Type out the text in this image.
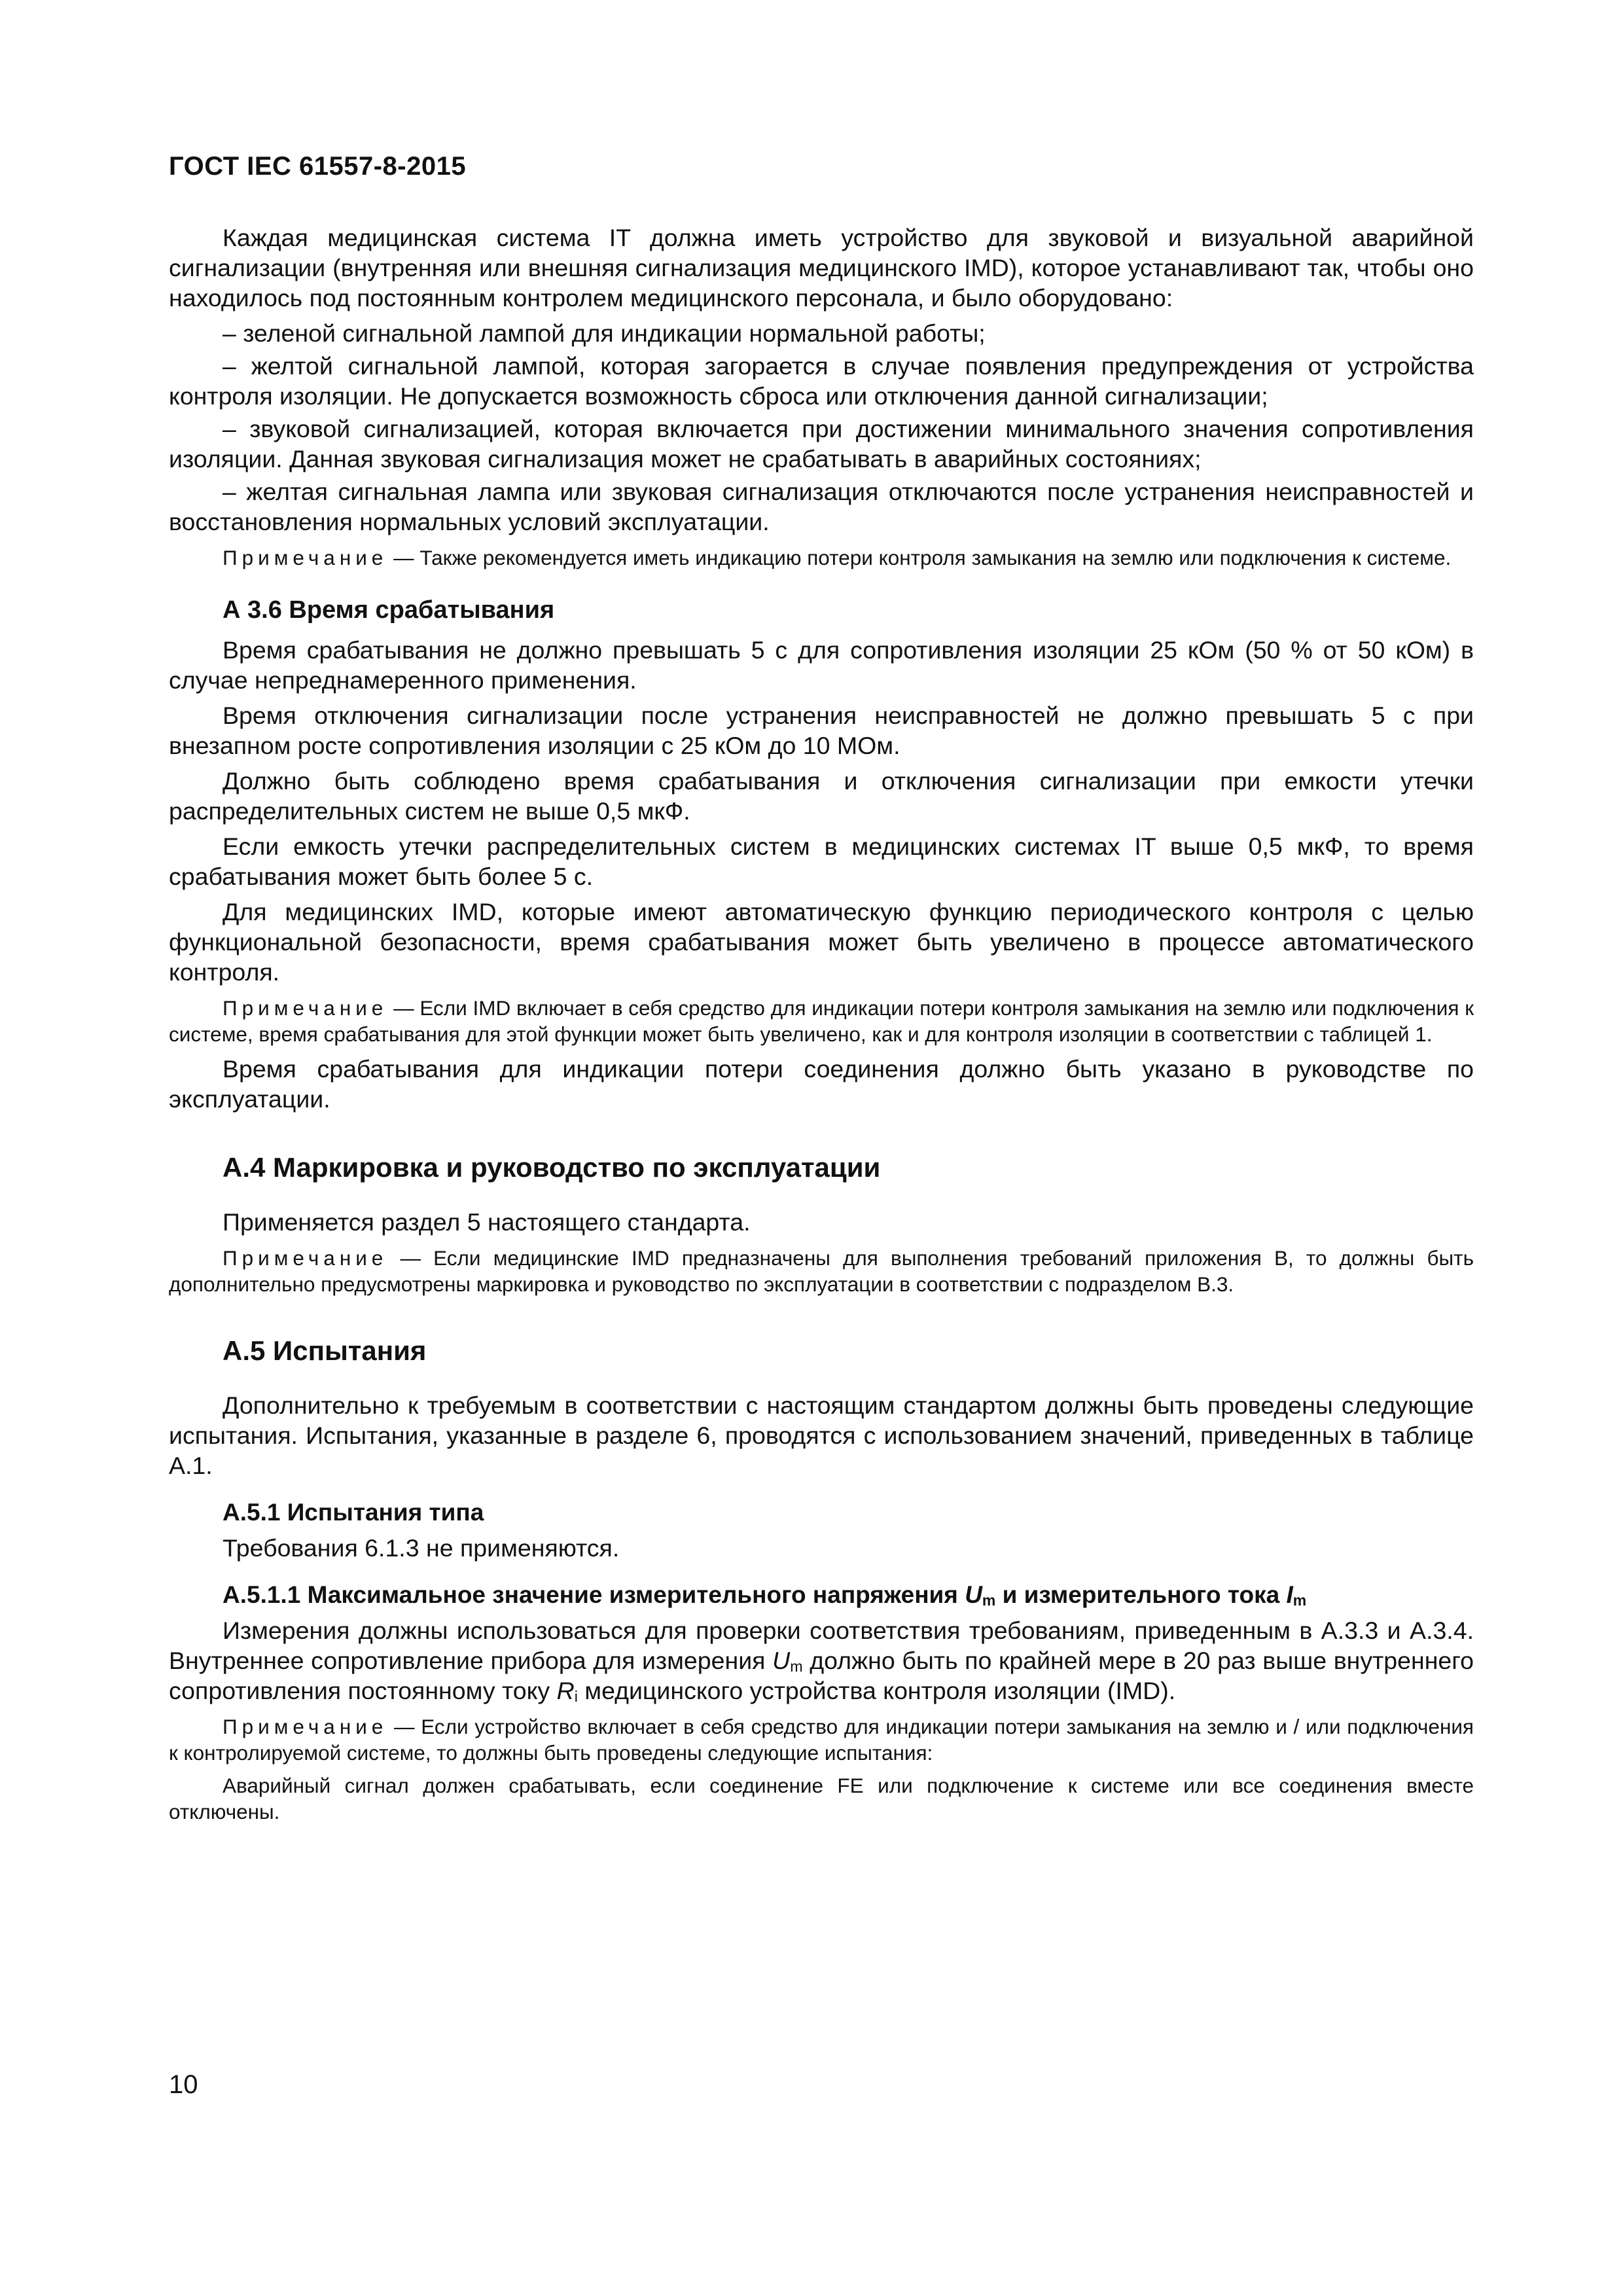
ГОСТ IEC 61557-8-2015

Каждая медицинская система IT должна иметь устройство для звуковой и визуальной аварийной сигнализации (внутренняя или внешняя сигнализация медицинского IMD), которое устанавливают так, чтобы оно находилось под постоянным контролем медицинского персонала, и было оборудовано:

– зеленой сигнальной лампой для индикации нормальной работы;

– желтой сигнальной лампой, которая загорается в случае появления предупреждения от устройства контроля изоляции. Не допускается возможность сброса или отключения данной сигнализации;

– звуковой сигнализацией, которая включается при достижении минимального значения сопротивления изоляции. Данная звуковая сигнализация может не срабатывать в аварийных состояниях;

– желтая сигнальная лампа или звуковая сигнализация отключаются после устранения неисправностей и восстановления нормальных условий эксплуатации.

Примечание — Также рекомендуется иметь индикацию потери контроля замыкания на землю или подключения к системе.

А 3.6 Время срабатывания

Время срабатывания не должно превышать 5 с для сопротивления изоляции 25 кОм (50 % от 50 кОм) в случае непреднамеренного применения.

Время отключения сигнализации после устранения неисправностей не должно превышать 5 с при внезапном росте сопротивления изоляции с 25 кОм до 10 МОм.

Должно быть соблюдено время срабатывания и отключения сигнализации при емкости утечки распределительных систем не выше 0,5 мкФ.

Если емкость утечки распределительных систем в медицинских системах IT выше 0,5 мкФ, то время срабатывания может быть более 5 с.

Для медицинских IMD, которые имеют автоматическую функцию периодического контроля с целью функциональной безопасности, время срабатывания может быть увеличено в процессе автоматического контроля.

Примечание — Если IMD включает в себя средство для индикации потери контроля замыкания на землю или подключения к системе, время срабатывания для этой функции может быть увеличено, как и для контроля изоляции в соответствии с таблицей 1.

Время срабатывания для индикации потери соединения должно быть указано в руководстве по эксплуатации.

А.4 Маркировка и руководство по эксплуатации

Применяется раздел 5 настоящего стандарта.

Примечание — Если медицинские IMD предназначены для выполнения требований приложения В, то должны быть дополнительно предусмотрены маркировка и руководство по эксплуатации в соответствии с подразделом В.3.

А.5 Испытания

Дополнительно к требуемым в соответствии с настоящим стандартом должны быть проведены следующие испытания. Испытания, указанные в разделе 6, проводятся с использованием значений, приведенных в таблице А.1.

А.5.1 Испытания типа

Требования 6.1.3 не применяются.

А.5.1.1 Максимальное значение измерительного напряжения Um и измерительного тока Im

Измерения должны использоваться для проверки соответствия требованиям, приведенным в А.3.3 и А.3.4. Внутреннее сопротивление прибора для измерения Um должно быть по крайней мере в 20 раз выше внутреннего сопротивления постоянному току Ri медицинского устройства контроля изоляции (IMD).

Примечание — Если устройство включает в себя средство для индикации потери замыкания на землю и / или подключения к контролируемой системе, то должны быть проведены следующие испытания:

Аварийный сигнал должен срабатывать, если соединение FE или подключение к системе или все соединения вместе отключены.

10
